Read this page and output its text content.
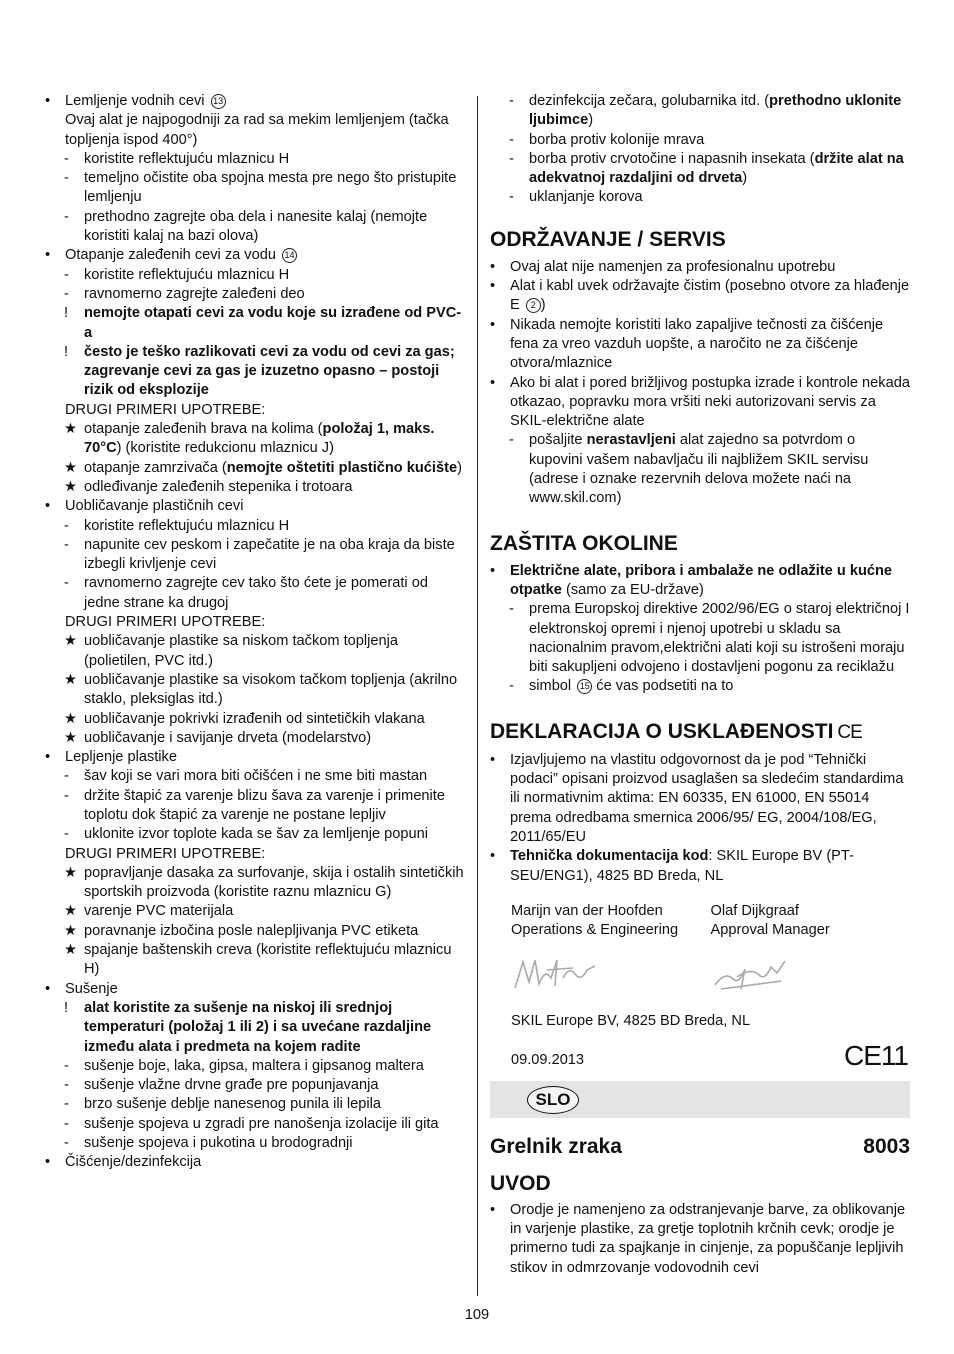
• Lemljenje vodnih cevi 13
Ovaj alat je najpogodniji za rad sa mekim lemljenjem (tačka topljenja ispod 400°)
- koristite reflektujuću mlaznicu H
- temeljno očistite oba spojna mesta pre nego što pristupite lemljenju
- prethodno zagrejte oba dela i nanesite kalaj (nemojte koristiti kalaj na bazi olova)
• Otapanje zaleđenih cevi za vodu 14
- koristite reflektujuću mlaznicu H
- ravnomerno zagrejte zaleđeni deo
! nemojte otapati cevi za vodu koje su izrađene od PVC-a
! često je teško razlikovati cevi za vodu od cevi za gas; zagrevanje cevi za gas je izuzetno opasno – postoji rizik od eksplozije
DRUGI PRIMERI UPOTREBE:
★ otapanje zaleđenih brava na kolima (položaj 1, maks. 70°C) (koristite redukcionu mlaznicu J)
★ otapanje zamrzivača (nemojte oštetiti plastično kućište)
★ odleđivanje zaleđenih stepenika i trotoara
• Uobličavanje plastičnih cevi
- koristite reflektujuću mlaznicu H
- napunite cev peskom i zapečatite je na oba kraja da biste izbegli krivljenje cevi
- ravnomerno zagrejte cev tako što ćete je pomerati od jedne strane ka drugoj
DRUGI PRIMERI UPOTREBE:
★ uobličavanje plastike sa niskom tačkom topljenja (polietilen, PVC itd.)
★ uobličavanje plastike sa visokom tačkom topljenja (akrilno staklo, pleksiglas itd.)
★ uobličavanje pokrivki izrađenih od sintetičkih vlakana
★ uobličavanje i savijanje drveta (modelarstvo)
• Lepljenje plastike
- šav koji se vari mora biti očišćen i ne sme biti mastan
- držite štapić za varenje blizu šava za varenje i primenite toplotu dok štapić za varenje ne postane lepljiv
- uklonite izvor toplote kada se šav za lemljenje popuni
DRUGI PRIMERI UPOTREBE:
★ popravljanje dasaka za surfovanje, skija i ostalih sintetičkih sportskih proizvoda (koristite raznu mlaznicu G)
★ varenje PVC materijala
★ poravnanje izbočina posle nalepljivanja PVC etiketa
★ spajanje baštenskih creva (koristite reflektujuću mlaznicu H)
• Sušenje
! alat koristite za sušenje na niskoj ili srednjoj temperaturi (položaj 1 ili 2) i sa uvećane razdaljine između alata i predmeta na kojem radite
- sušenje boje, laka, gipsa, maltera i gipsanog maltera
- sušenje vlažne drvne građe pre popunjavanja
- brzo sušenje deblje nanesenog punila ili lepila
- sušenje spojeva u zgradi pre nanošenja izolacije ili gita
- sušenje spojeva i pukotina u brodogradnji
• Čišćenje/dezinfekcija
- dezinfekcija zečara, golubarnika itd. (prethodno uklonite ljubimce)
- borba protiv kolonije mrava
- borba protiv crvotočine i napasnih insekata (držite alat na adekvatnoj razdaljini od drveta)
- uklanjanje korova
ODRŽAVANJE / SERVIS
• Ovaj alat nije namenjen za profesionalnu upotrebu
• Alat i kabl uvek održavajte čistim (posebno otvore za hlađenje E 2 )
• Nikada nemojte koristiti lako zapaljive tečnosti za čišćenje fena za vreo vazduh uopšte, a naročito ne za čišćenje otvora/mlaznice
• Ako bi alat i pored brižljivog postupka izrade i kontrole nekada otkazao, popravku mora vršiti neki autorizovani servis za SKIL-električne alate
- pošaljite nerastavljeni alat zajedno sa potvrdom o kupovini vašem nabavljaču ili najbližem SKIL servisu (adrese i oznake rezervnih delova možete naći na www.skil.com)
ZAŠTITA OKOLINE
• Električne alate, pribora i ambalaže ne odlažite u kućne otpatke (samo za EU-države)
- prema Europskoj direktive 2002/96/EG o staroj električnoj I elektronskoj opremi i njenoj upotrebi u skladu sa nacionalnim pravom,električni alati koji su istrošeni moraju biti sakupljeni odvojeno i dostavljeni pogonu za reciklažu
- simbol 15 će vas podsetiti na to
DEKLARACIJA O USKLAĐENOSTI CE
• Izjavljujemo na vlastitu odgovornost da je pod “Tehnički podaci” opisani proizvod usaglašen sa sledećim standardima ili normativnim aktima: EN 60335, EN 61000, EN 55014 prema odredbama smernica 2006/95/ EG, 2004/108/EG, 2011/65/EU
• Tehnička dokumentacija kod: SKIL Europe BV (PT-SEU/ENG1), 4825 BD Breda, NL
Marijn van der Hoofden
Operations & Engineering
Olaf Dijkgraaf
Approval Manager
SKIL Europe BV, 4825 BD Breda, NL
09.09.2013	CE11
SLO
Grelnik zraka	8003
UVOD
• Orodje je namenjeno za odstranjevanje barve, za oblikovanje in varjenje plastike, za gretje toplotnih krčnih cevk; orodje je primerno tudi za spajkanje in cinjenje, za popuščanje lepljivih stikov in odmrzovanje vodovodnih cevi
109
